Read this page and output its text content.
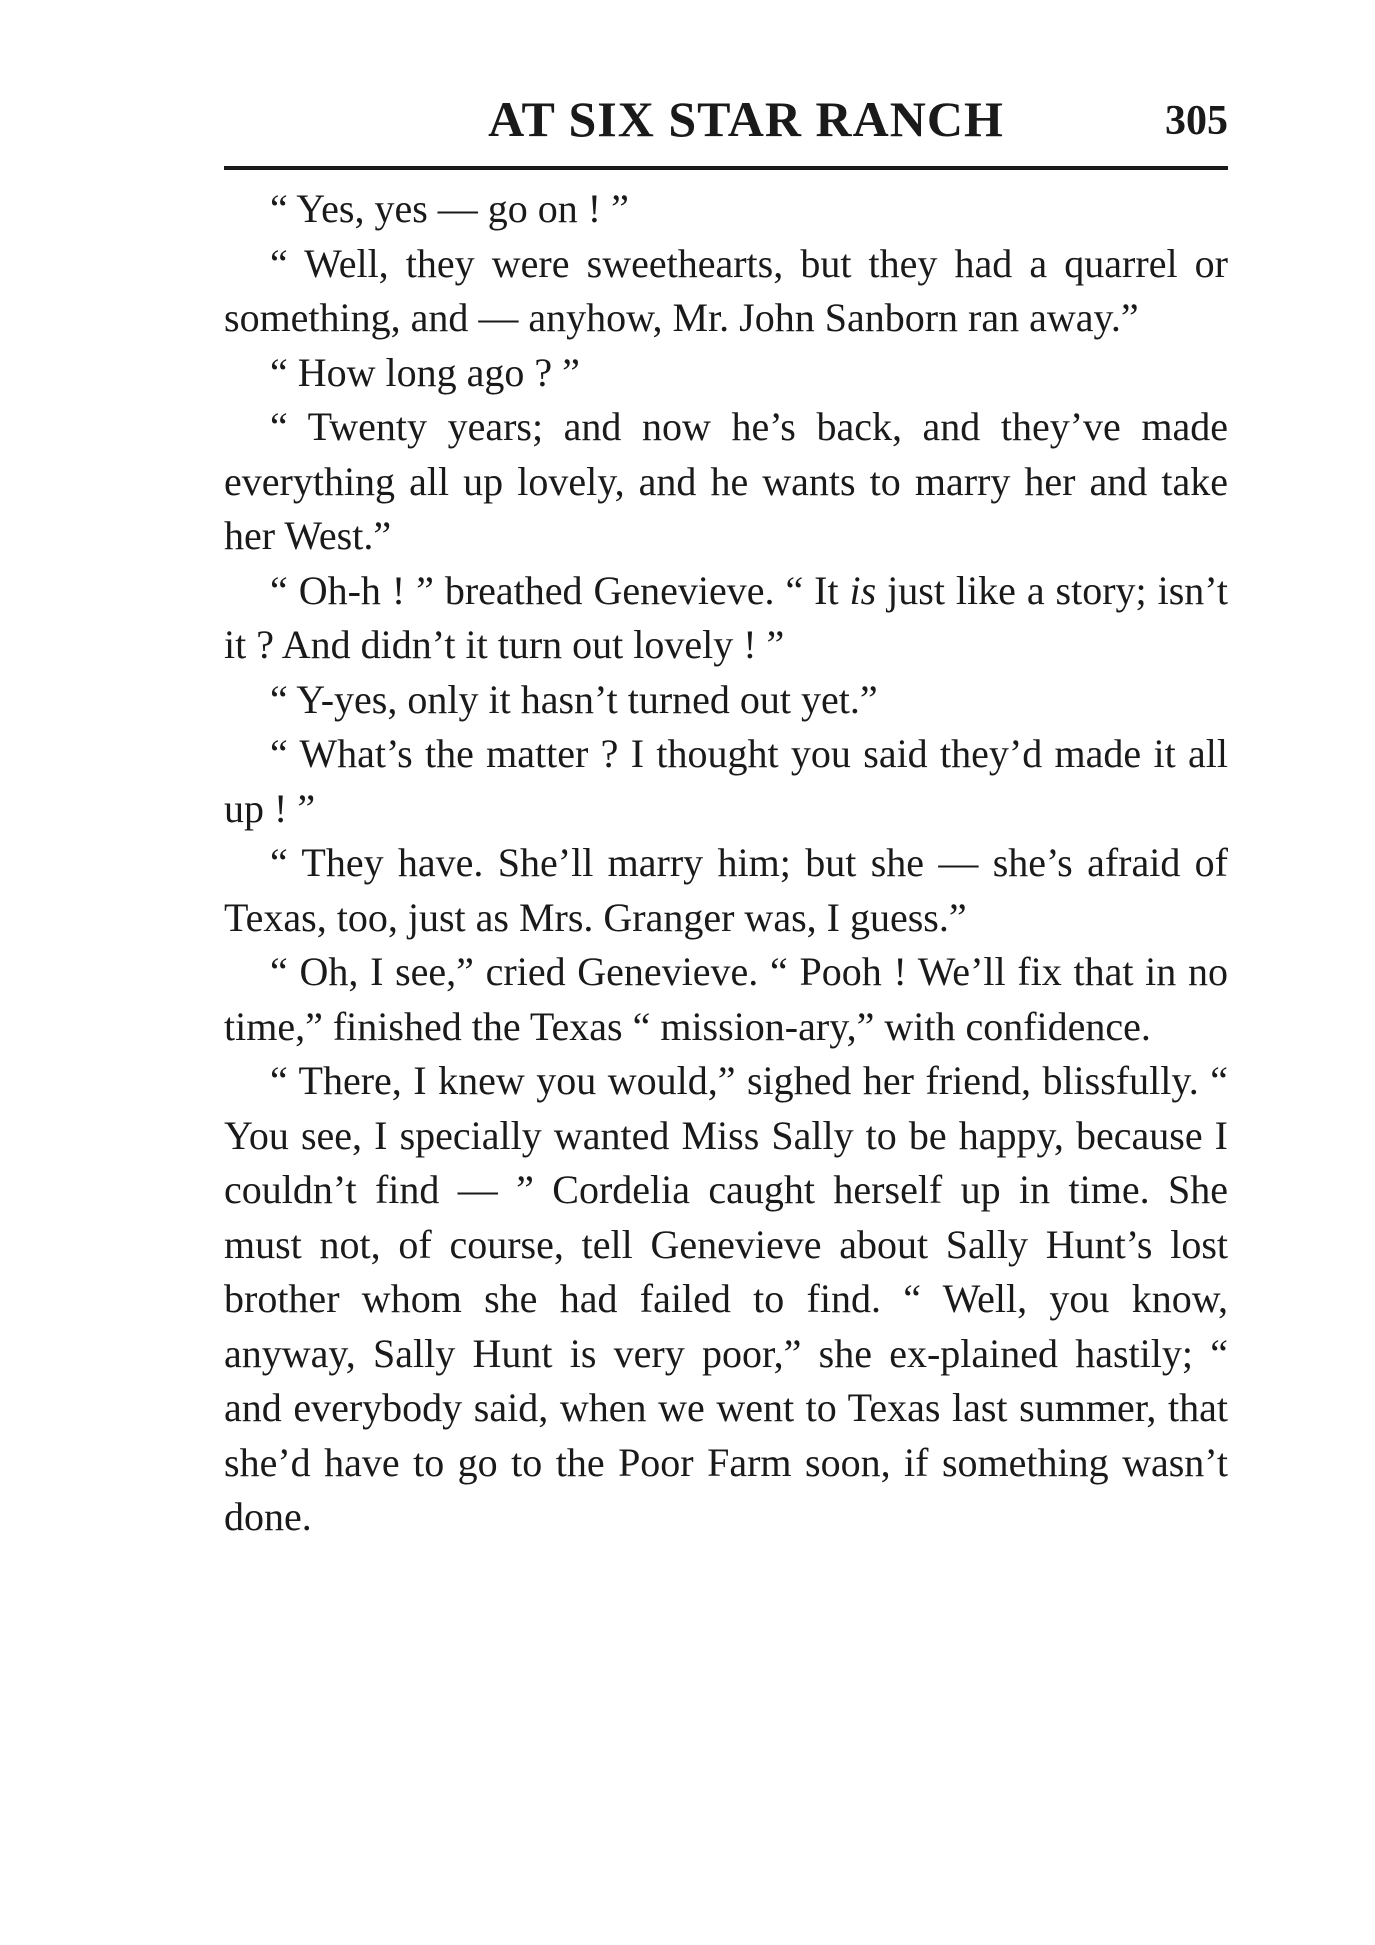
AT SIX STAR RANCH	305

“ Yes, yes — go on ! ”

“ Well, they were sweethearts, but they had a quarrel or something, and — anyhow, Mr. John Sanborn ran away.”

“ How long ago ? ”

“ Twenty years; and now he’s back, and they’ve made everything all up lovely, and he wants to marry her and take her West.”

“ Oh-h ! ” breathed Genevieve. “ It is just like a story; isn’t it ? And didn’t it turn out lovely ! ”

“ Y-yes, only it hasn’t turned out yet.”

“ What’s the matter ? I thought you said they’d made it all up ! ”

“ They have. She’ll marry him; but she — she’s afraid of Texas, too, just as Mrs. Granger was, I guess.”

“ Oh, I see,” cried Genevieve. “ Pooh ! We’ll fix that in no time,” finished the Texas “ mission-ary,” with confidence.

“ There, I knew you would,” sighed her friend, blissfully. “ You see, I specially wanted Miss Sally to be happy, because I couldn’t find — ” Cordelia caught herself up in time. She must not, of course, tell Genevieve about Sally Hunt’s lost brother whom she had failed to find. “ Well, you know, anyway, Sally Hunt is very poor,” she ex-plained hastily; “ and everybody said, when we went to Texas last summer, that she’d have to go to the Poor Farm soon, if something wasn’t done.
